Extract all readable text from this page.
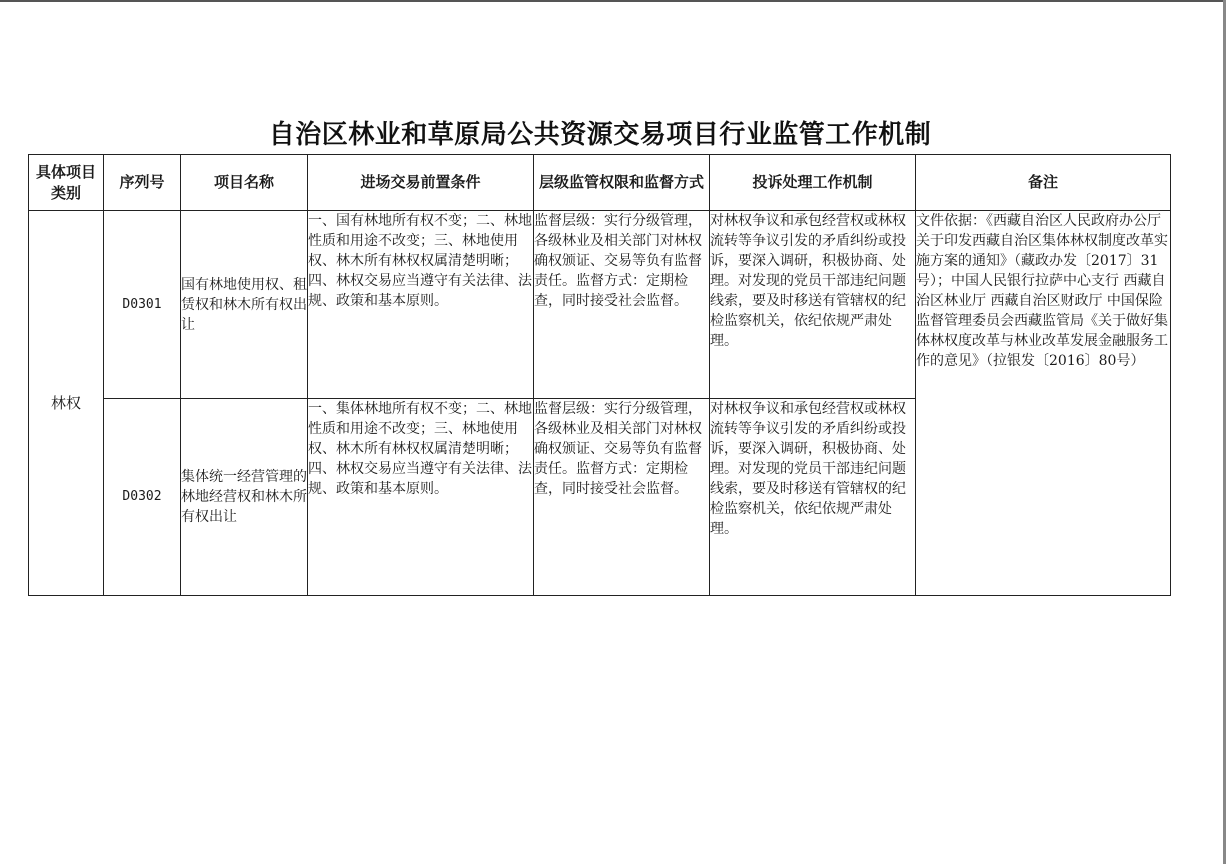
自治区林业和草原局公共资源交易项目行业监管工作机制
具体项目类别	序列号	项目名称	进场交易前置条件	层级监管权限和监督方式	投诉处理工作机制	备注
林权	D0301	国有林地使用权、租赁权和林木所有权出让	一、国有林地所有权不变；二、林地性质和用途不改变；三、林地使用权、林木所有林权权属清楚明晰；四、林权交易应当遵守有关法律、法规、政策和基本原则。	监督层级：实行分级管理， 各级林业及相关部门对林权确权颁证、交易等负有监督责任。监督方式：定期检查，同时接受社会监督。	对林权争议和承包经营权或林权流转等争议引发的矛盾纠纷或投诉，要深入调研，积极协商、处理。对发现的党员干部违纪问题线索，要及时移送有管辖权的纪检监察机关，依纪依规严肃处理。	文件依据：《西藏自治区人民政府办公厅关于印发西藏自治区集体林权制度改革实施方案的通知》（藏政办发〔2017〕31号）；中国人民银行拉萨中心支行 西藏自治区林业厅 西藏自治区财政厅 中国保险监督管理委员会西藏监管局《关于做好集体林权度改革与林业改革发展金融服务工作的意见》（拉银发〔2016〕80号）
	D0302	集体统一经营管理的林地经营权和林木所有权出让	一、集体林地所有权不变；二、林地性质和用途不改变；三、林地使用权、林木所有林权权属清楚明晰；四、林权交易应当遵守有关法律、法规、政策和基本原则。	监督层级：实行分级管理， 各级林业及相关部门对林权确权颁证、交易等负有监督责任。监督方式：定期检查，同时接受社会监督。	对林权争议和承包经营权或林权流转等争议引发的矛盾纠纷或投诉，要深入调研，积极协商、处理。对发现的党员干部违纪问题线索，要及时移送有管辖权的纪检监察机关，依纪依规严肃处理。	
